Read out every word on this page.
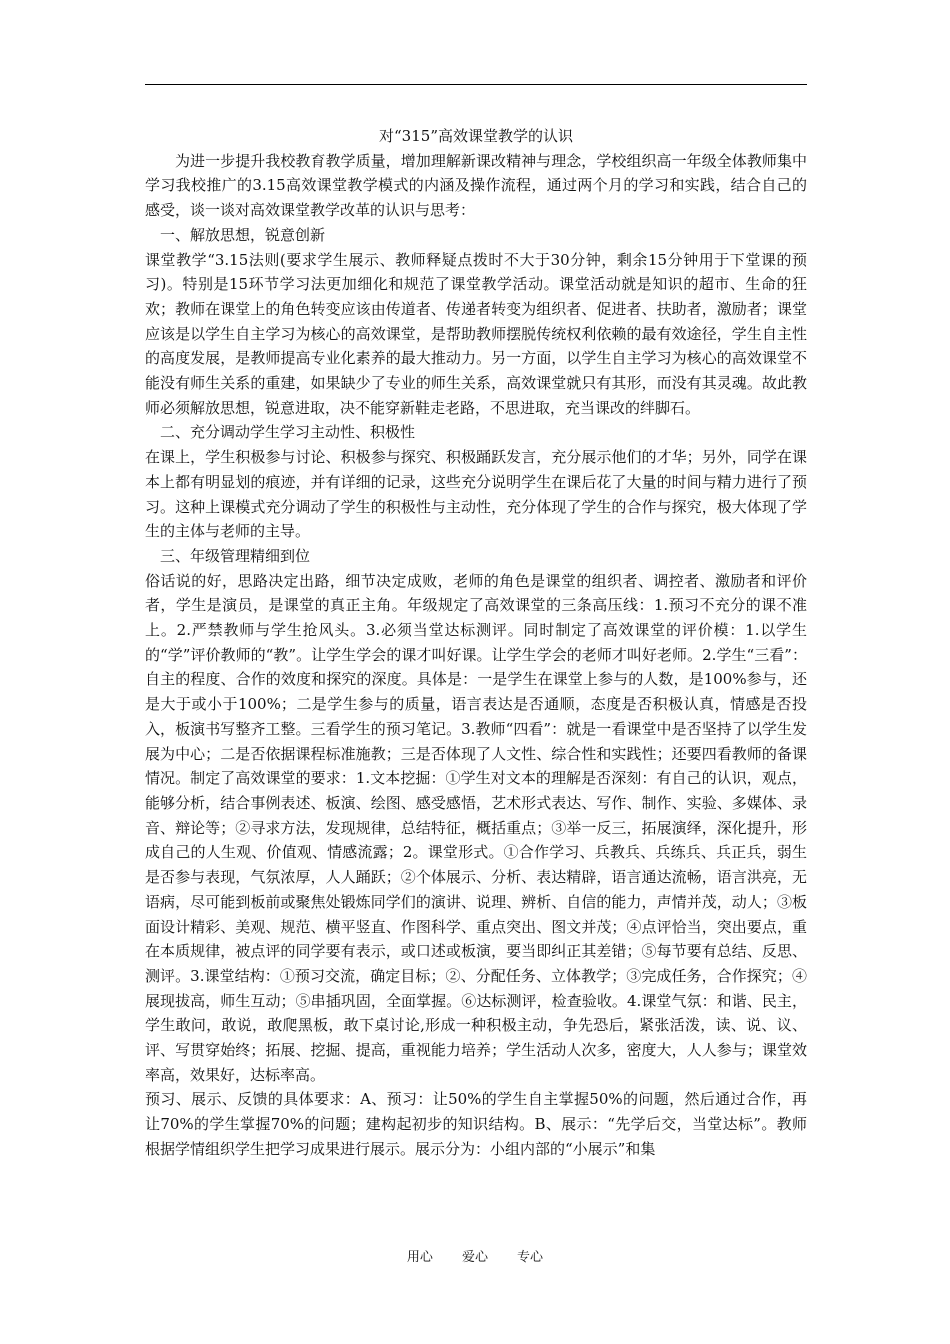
对“315”高效课堂教学的认识

为进一步提升我校教育教学质量，增加理解新课改精神与理念，学校组织高一年级全体教师集中学习我校推广的3.15高效课堂教学模式的内涵及操作流程，通过两个月的学习和实践，结合自己的感受，谈一谈对高效课堂教学改革的认识与思考：

一、解放思想，锐意创新

课堂教学“3.15法则(要求学生展示、教师释疑点拨时不大于30分钟，剩余15分钟用于下堂课的预习)。特别是15环节学习法更加细化和规范了课堂教学活动。课堂活动就是知识的超市、生命的狂欢；教师在课堂上的角色转变应该由传道者、传递者转变为组织者、促进者、扶助者，激励者；课堂应该是以学生自主学习为核心的高效课堂，是帮助教师摆脱传统权利依赖的最有效途径，学生自主性的高度发展，是教师提高专业化素养的最大推动力。另一方面，以学生自主学习为核心的高效课堂不能没有师生关系的重建，如果缺少了专业的师生关系，高效课堂就只有其形，而没有其灵魂。故此教师必须解放思想，锐意进取，决不能穿新鞋走老路，不思进取，充当课改的绊脚石。

二、充分调动学生学习主动性、积极性

在课上，学生积极参与讨论、积极参与探究、积极踊跃发言，充分展示他们的才华；另外，同学在课本上都有明显划的痕迹，并有详细的记录，这些充分说明学生在课后花了大量的时间与精力进行了预习。这种上课模式充分调动了学生的积极性与主动性，充分体现了学生的合作与探究，极大体现了学生的主体与老师的主导。

三、年级管理精细到位

俗话说的好，思路决定出路，细节决定成败，老师的角色是课堂的组织者、调控者、激励者和评价者，学生是演员，是课堂的真正主角。年级规定了高效课堂的三条高压线：1.预习不充分的课不准上。2.严禁教师与学生抢风头。3.必须当堂达标测评。同时制定了高效课堂的评价模：1.以学生的“学”评价教师的“教”。让学生学会的课才叫好课。让学生学会的老师才叫好老师。2.学生“三看”：自主的程度、合作的效度和探究的深度。具体是：一是学生在课堂上参与的人数，是100%参与，还是大于或小于100%；二是学生参与的质量，语言表达是否通顺，态度是否积极认真，情感是否投入，板演书写整齐工整。三看学生的预习笔记。3.教师“四看”：就是一看课堂中是否坚持了以学生发展为中心；二是否依据课程标准施教；三是否体现了人文性、综合性和实践性；还要四看教师的备课情况。制定了高效课堂的要求：1.文本挖掘：①学生对文本的理解是否深刻：有自己的认识，观点，能够分析，结合事例表述、板演、绘图、感受感悟，艺术形式表达、写作、制作、实验、多媒体、录音、辩论等；②寻求方法，发现规律，总结特征，概括重点；③举一反三，拓展演绎，深化提升，形成自己的人生观、价值观、情感流露；2。课堂形式。①合作学习、兵教兵、兵练兵、兵正兵，弱生是否参与表现，气氛浓厚，人人踊跃；②个体展示、分析、表达精辟，语言通达流畅，语言洪亮，无语病，尽可能到板前或聚焦处锻炼同学们的演讲、说理、辨析、自信的能力，声情并茂，动人；③板面设计精彩、美观、规范、横平竖直、作图科学、重点突出、图文并茂；④点评恰当，突出要点，重在本质规律，被点评的同学要有表示，或口述或板演，要当即纠正其差错；⑤每节要有总结、反思、测评。3.课堂结构：①预习交流，确定目标；②、分配任务、立体教学；③完成任务，合作探究；④展现拔高，师生互动；⑤串插巩固，全面掌握。⑥达标测评，检查验收。4.课堂气氛：和谐、民主，学生敢问，敢说，敢爬黑板，敢下桌讨论,形成一种积极主动，争先恐后，紧张活泼，读、说、议、评、写贯穿始终；拓展、挖掘、提高，重视能力培养；学生活动人次多，密度大，人人参与；课堂效率高，效果好，达标率高。

预习、展示、反馈的具体要求：A、预习：让50%的学生自主掌握50%的问题，然后通过合作，再让70%的学生掌握70%的问题；建构起初步的知识结构。B、展示：“先学后交，当堂达标”。教师根据学情组织学生把学习成果进行展示。展示分为：小组内部的“小展示”和集

用心  爱心  专心
